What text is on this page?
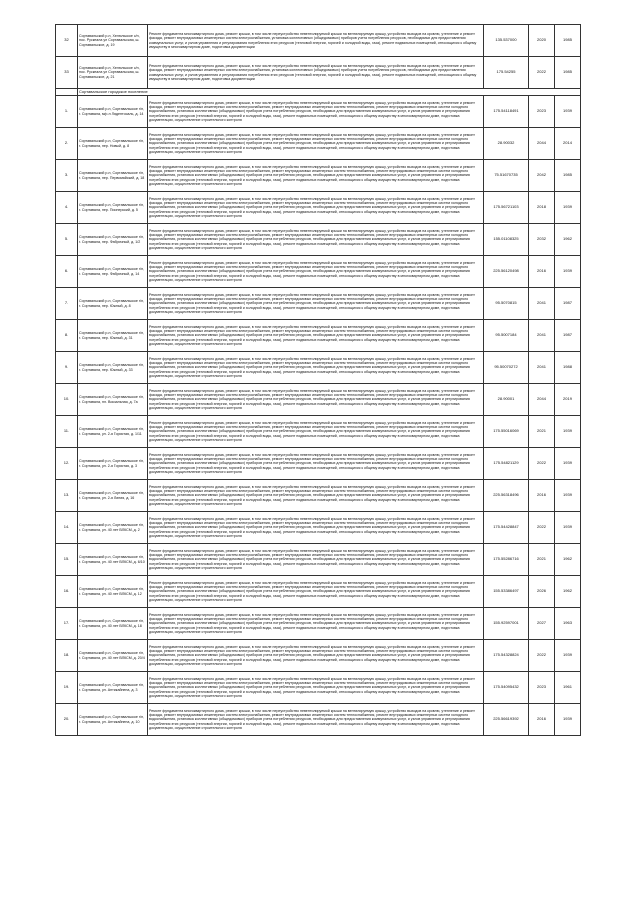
32	Сортавальский р-н, Хелюльское с/п, пос. Рускеала ул Сортавальская, ш. Сортавальское, д. 19	Ремонт фундамента многоквартирного дома, ремонт крыши, в том числе переустройство невентилируемой крыши на вентилируемую крышу, устройство выходов на кровлю, утепление и ремонт фасада, ремонт внутридомовых инженерных систем электроснабжения, установка коллективных (общедомовых) приборов учета потребления ресурсов, необходимых для предоставления коммунальных услуг, и узлов управления и регулирования потребления этих ресурсов (тепловой энергии, горячей и холодной воды, газа), ремонт подвальных помещений, относящихся к общему имуществу в многоквартирном доме, подготовка документации	135.537000	2020	1985
33	Сортавальский р-н, Хелюльское с/п, пос. Рускеала ул Сортавальская, ш. Сортавальское, д. 21	Ремонт фундамента многоквартирного дома, ремонт крыши, в том числе переустройство невентилируемой крыши на вентилируемую крышу, устройство выходов на кровлю, утепление и ремонт фасада, ремонт внутридомовых инженерных систем электроснабжения, установка коллективных (общедомовых) приборов учета потребления ресурсов, необходимых для предоставления коммунальных услуг, и узлов управления и регулирования потребления этих ресурсов (тепловой энергии, горячей и холодной воды, газа), ремонт подвальных помещений, относящихся к общему имуществу в многоквартирном доме, подготовка документации	175.54255	2022	1985
	Сортавальское городское поселение				
1.	Сортавальский р-н, Сортавальское г/п, г. Сортавала, м/р-н Лядентосаль, д. 14	Ремонт фундамента многоквартирного дома, ремонт крыши, в том числе переустройство невентилируемой крыши на вентилируемую крышу, устройство выходов на кровлю, утепление и ремонт фасада, ремонт внутридомовых инженерных систем электроснабжения, ремонт внутридомовых инженерных систем теплоснабжения, ремонт внутридомовых инженерных систем холодного водоснабжения, установка коллективных (общедомовых) приборов учета потребления ресурсов, необходимых для предоставления коммунальных услуг, и узлов управления и регулирования потребления этих ресурсов (тепловой энергии, горячей и холодной воды, газа), ремонт подвальных помещений, относящихся к общему имуществу в многоквартирном доме, подготовка документации, осуществление строительного контроля	175.54118491	2023	1939
2.	Сортавальский р-н, Сортавальское г/п, г. Сортавала, пер. Новый, д. 8	Ремонт фундамента многоквартирного дома, ремонт крыши, в том числе переустройство невентилируемой крыши на вентилируемую крышу, устройство выходов на кровлю, утепление и ремонт фасада, ремонт внутридомовых инженерных систем электроснабжения, ремонт внутридомовых инженерных систем теплоснабжения, ремонт внутридомовых инженерных систем холодного водоснабжения, установка коллективных (общедомовых) приборов учета потребления ресурсов, необходимых для предоставления коммунальных услуг, и узлов управления и регулирования потребления этих ресурсов (тепловой энергии, горячей и холодной воды, газа), ремонт подвальных помещений, относящихся к общему имуществу в многоквартирном доме, подготовка документации, осуществление строительного контроля	28.90032	2044	2014
3.	Сортавальский р-н, Сортавальское г/п, г. Сортавала, пер. Первомайский, д. 18	Ремонт фундамента многоквартирного дома, ремонт крыши, в том числе переустройство невентилируемой крыши на вентилируемую крышу, устройство выходов на кровлю, утепление и ремонт фасада, ремонт внутридомовых инженерных систем электроснабжения, ремонт внутридомовых инженерных систем теплоснабжения, ремонт внутридомовых инженерных систем холодного водоснабжения, установка коллективных (общедомовых) приборов учета потребления ресурсов, необходимых для предоставления коммунальных услуг, и узлов управления и регулирования потребления этих ресурсов (тепловой энергии, горячей и холодной воды, газа), ремонт подвальных помещений, относящихся к общему имуществу в многоквартирном доме, подготовка документации, осуществление строительного контроля	75.51670735	2042	1985
4.	Сортавальский р-н, Сортавальское г/п, г. Сортавала, пер. Пионерский, д. 5	Ремонт фундамента многоквартирного дома, ремонт крыши, в том числе переустройство невентилируемой крыши на вентилируемую крышу, устройство выходов на кровлю, утепление и ремонт фасада, ремонт внутридомовых инженерных систем электроснабжения, ремонт внутридомовых инженерных систем теплоснабжения, ремонт внутридомовых инженерных систем холодного водоснабжения, установка коллективных (общедомовых) приборов учета потребления ресурсов, необходимых для предоставления коммунальных услуг, и узлов управления и регулирования потребления этих ресурсов (тепловой энергии, горячей и холодной воды, газа), ремонт подвальных помещений, относящихся к общему имуществу в многоквартирном доме, подготовка документации, осуществление строительного контроля	175.56721103	2018	1939
5.	Сортавальский р-н, Сортавальское г/п, г. Сортавала, пер. Фабричный, д. 1/2	Ремонт фундамента многоквартирного дома, ремонт крыши, в том числе переустройство невентилируемой крыши на вентилируемую крышу, устройство выходов на кровлю, утепление и ремонт фасада, ремонт внутридомовых инженерных систем электроснабжения, ремонт внутридомовых инженерных систем теплоснабжения, ремонт внутридомовых инженерных систем холодного водоснабжения, установка коллективных (общедомовых) приборов учета потребления ресурсов, необходимых для предоставления коммунальных услуг, и узлов управления и регулирования потребления этих ресурсов (тепловой энергии, горячей и холодной воды, газа), ремонт подвальных помещений, относящихся к общему имуществу в многоквартирном доме, подготовка документации, осуществление строительного контроля	155.01108325	2032	1962
6.	Сортавальский р-н, Сортавальское г/п, г. Сортавала, пер. Фабричный, д. 14	Ремонт фундамента многоквартирного дома, ремонт крыши, в том числе переустройство невентилируемой крыши на вентилируемую крышу, устройство выходов на кровлю, утепление и ремонт фасада, ремонт внутридомовых инженерных систем электроснабжения, ремонт внутридомовых инженерных систем теплоснабжения, ремонт внутридомовых инженерных систем холодного водоснабжения, установка коллективных (общедомовых) приборов учета потребления ресурсов, необходимых для предоставления коммунальных услуг, и узлов управления и регулирования потребления этих ресурсов (тепловой энергии, горячей и холодной воды, газа), ремонт подвальных помещений, относящихся к общему имуществу в многоквартирном доме, подготовка документации, осуществление строительного контроля	225.56120498	2016	1939
7.	Сортавальский р-н, Сортавальское г/п, г. Сортавала, пер. Южный, д. 8	Ремонт фундамента многоквартирного дома, ремонт крыши, в том числе переустройство невентилируемой крыши на вентилируемую крышу, устройство выходов на кровлю, утепление и ремонт фасада, ремонт внутридомовых инженерных систем электроснабжения, ремонт внутридомовых инженерных систем теплоснабжения, ремонт внутридомовых инженерных систем холодного водоснабжения, установка коллективных (общедомовых) приборов учета потребления ресурсов, необходимых для предоставления коммунальных услуг, и узлов управления и регулирования потребления этих ресурсов (тепловой энергии, горячей и холодной воды, газа), ремонт подвальных помещений, относящихся к общему имуществу в многоквартирном доме, подготовка документации, осуществление строительного контроля	95.5070815	2041	1987
8.	Сортавальский р-н, Сортавальское г/п, г. Сортавала, пер. Южный, д. 31	Ремонт фундамента многоквартирного дома, ремонт крыши, в том числе переустройство невентилируемой крыши на вентилируемую крышу, устройство выходов на кровлю, утепление и ремонт фасада, ремонт внутридомовых инженерных систем электроснабжения, ремонт внутридомовых инженерных систем теплоснабжения, ремонт внутридомовых инженерных систем холодного водоснабжения, установка коллективных (общедомовых) приборов учета потребления ресурсов, необходимых для предоставления коммунальных услуг, и узлов управления и регулирования потребления этих ресурсов (тепловой энергии, горячей и холодной воды, газа), ремонт подвальных помещений, относящихся к общему имуществу в многоквартирном доме, подготовка документации, осуществление строительного контроля	95.5007184	2041	1987
9.	Сортавальский р-н, Сортавальское г/п, г. Сортавала, пер. Южный, д. 33	Ремонт фундамента многоквартирного дома, ремонт крыши, в том числе переустройство невентилируемой крыши на вентилируемую крышу, устройство выходов на кровлю, утепление и ремонт фасада, ремонт внутридомовых инженерных систем электроснабжения, ремонт внутридомовых инженерных систем теплоснабжения, ремонт внутридомовых инженерных систем холодного водоснабжения, установка коллективных (общедомовых) приборов учета потребления ресурсов, необходимых для предоставления коммунальных услуг, и узлов управления и регулирования потребления этих ресурсов (тепловой энергии, горячей и холодной воды, газа), ремонт подвальных помещений, относящихся к общему имуществу в многоквартирном доме, подготовка документации, осуществление строительного контроля	95.50070272	2041	1988
10.	Сортавальский р-н, Сортавальское г/п, г. Сортавала, пл. Вокзальная, д. 7а	Ремонт фундамента многоквартирного дома, ремонт крыши, в том числе переустройство невентилируемой крыши на вентилируемую крышу, устройство выходов на кровлю, утепление и ремонт фасада, ремонт внутридомовых инженерных систем электроснабжения, ремонт внутридомовых инженерных систем теплоснабжения, ремонт внутридомовых инженерных систем холодного водоснабжения, установка коллективных (общедомовых) приборов учета потребления ресурсов, необходимых для предоставления коммунальных услуг, и узлов управления и регулирования потребления этих ресурсов (тепловой энергии, горячей и холодной воды, газа), ремонт подвальных помещений, относящихся к общему имуществу в многоквартирном доме, подготовка документации, осуществление строительного контроля	28.90001	2044	2019
11.	Сортавальский р-н, Сортавальское г/п, г. Сортавала, ул. 2-я Гористая, д. 1/11	Ремонт фундамента многоквартирного дома, ремонт крыши, в том числе переустройство невентилируемой крыши на вентилируемую крышу, устройство выходов на кровлю, утепление и ремонт фасада, ремонт внутридомовых инженерных систем электроснабжения, ремонт внутридомовых инженерных систем теплоснабжения, ремонт внутридомовых инженерных систем холодного водоснабжения, установка коллективных (общедомовых) приборов учета потребления ресурсов, необходимых для предоставления коммунальных услуг, и узлов управления и регулирования потребления этих ресурсов (тепловой энергии, горячей и холодной воды, газа), ремонт подвальных помещений, относящихся к общему имуществу в многоквартирном доме, подготовка документации, осуществление строительного контроля	175.55016069	2021	1939
12.	Сортавальский р-н, Сортавальское г/п, г. Сортавала, ул. 2-я Гористая, д. 3	Ремонт фундамента многоквартирного дома, ремонт крыши, в том числе переустройство невентилируемой крыши на вентилируемую крышу, устройство выходов на кровлю, утепление и ремонт фасада, ремонт внутридомовых инженерных систем электроснабжения, ремонт внутридомовых инженерных систем теплоснабжения, ремонт внутридомовых инженерных систем холодного водоснабжения, установка коллективных (общедомовых) приборов учета потребления ресурсов, необходимых для предоставления коммунальных услуг, и узлов управления и регулирования потребления этих ресурсов (тепловой энергии, горячей и холодной воды, газа), ремонт подвальных помещений, относящихся к общему имуществу в многоквартирном доме, подготовка документации, осуществление строительного контроля	175.54821129	2022	1939
13.	Сортавальский р-н, Сортавальское г/п, г. Сортавала, ул. 2-я Линия, д. 16	Ремонт фундамента многоквартирного дома, ремонт крыши, в том числе переустройство невентилируемой крыши на вентилируемую крышу, устройство выходов на кровлю, утепление и ремонт фасада, ремонт внутридомовых инженерных систем электроснабжения, ремонт внутридомовых инженерных систем теплоснабжения, ремонт внутридомовых инженерных систем холодного водоснабжения, установка коллективных (общедомовых) приборов учета потребления ресурсов, необходимых для предоставления коммунальных услуг, и узлов управления и регулирования потребления этих ресурсов (тепловой энергии, горячей и холодной воды, газа), ремонт подвальных помещений, относящихся к общему имуществу в многоквартирном доме, подготовка документации, осуществление строительного контроля	225.56318496	2016	1939
14.	Сортавальский р-н, Сортавальское г/п, г. Сортавала, ул. 40 лет ВЛКСМ, д. 2	Ремонт фундамента многоквартирного дома, ремонт крыши, в том числе переустройство невентилируемой крыши на вентилируемую крышу, устройство выходов на кровлю, утепление и ремонт фасада, ремонт внутридомовых инженерных систем электроснабжения, ремонт внутридомовых инженерных систем теплоснабжения, ремонт внутридомовых инженерных систем холодного водоснабжения, установка коллективных (общедомовых) приборов учета потребления ресурсов, необходимых для предоставления коммунальных услуг, и узлов управления и регулирования потребления этих ресурсов (тепловой энергии, горячей и холодной воды, газа), ремонт подвальных помещений, относящихся к общему имуществу в многоквартирном доме, подготовка документации, осуществление строительного контроля	175.54428847	2022	1939
15.	Сортавальский р-н, Сортавальское г/п, г. Сортавала, ул. 40 лет ВЛКСМ, д. 6/10	Ремонт фундамента многоквартирного дома, ремонт крыши, в том числе переустройство невентилируемой крыши на вентилируемую крышу, устройство выходов на кровлю, утепление и ремонт фасада, ремонт внутридомовых инженерных систем электроснабжения, ремонт внутридомовых инженерных систем теплоснабжения, ремонт внутридомовых инженерных систем холодного водоснабжения, установка коллективных (общедомовых) приборов учета потребления ресурсов, необходимых для предоставления коммунальных услуг, и узлов управления и регулирования потребления этих ресурсов (тепловой энергии, горячей и холодной воды, газа), ремонт подвальных помещений, относящихся к общему имуществу в многоквартирном доме, подготовка документации, осуществление строительного контроля	175.55286716	2021	1962
16.	Сортавальский р-н, Сортавальское г/п, г. Сортавала, ул. 40 лет ВЛКСМ, д. 12	Ремонт фундамента многоквартирного дома, ремонт крыши, в том числе переустройство невентилируемой крыши на вентилируемую крышу, устройство выходов на кровлю, утепление и ремонт фасада, ремонт внутридомовых инженерных систем электроснабжения, ремонт внутридомовых инженерных систем теплоснабжения, ремонт внутридомовых инженерных систем холодного водоснабжения, установка коллективных (общедомовых) приборов учета потребления ресурсов, необходимых для предоставления коммунальных услуг, и узлов управления и регулирования потребления этих ресурсов (тепловой энергии, горячей и холодной воды, газа), ремонт подвальных помещений, относящихся к общему имуществу в многоквартирном доме, подготовка документации, осуществление строительного контроля	155.53386497	2026	1962
17.	Сортавальский р-н, Сортавальское г/п, г. Сортавала, ул. 40 лет ВЛКСМ, д. 18	Ремонт фундамента многоквартирного дома, ремонт крыши, в том числе переустройство невентилируемой крыши на вентилируемую крышу, устройство выходов на кровлю, утепление и ремонт фасада, ремонт внутридомовых инженерных систем электроснабжения, ремонт внутридомовых инженерных систем теплоснабжения, ремонт внутридомовых инженерных систем холодного водоснабжения, установка коллективных (общедомовых) приборов учета потребления ресурсов, необходимых для предоставления коммунальных услуг, и узлов управления и регулирования потребления этих ресурсов (тепловой энергии, горячей и холодной воды, газа), ремонт подвальных помещений, относящихся к общему имуществу в многоквартирном доме, подготовка документации, осуществление строительного контроля	155.92597001	2027	1963
18.	Сортавальский р-н, Сортавальское г/п, г. Сортавала, ул. 40 лет ВЛКСМ, д. 20/4	Ремонт фундамента многоквартирного дома, ремонт крыши, в том числе переустройство невентилируемой крыши на вентилируемую крышу, устройство выходов на кровлю, утепление и ремонт фасада, ремонт внутридомовых инженерных систем электроснабжения, ремонт внутридомовых инженерных систем теплоснабжения, ремонт внутридомовых инженерных систем холодного водоснабжения, установка коллективных (общедомовых) приборов учета потребления ресурсов, необходимых для предоставления коммунальных услуг, и узлов управления и регулирования потребления этих ресурсов (тепловой энергии, горячей и холодной воды, газа), ремонт подвальных помещений, относящихся к общему имуществу в многоквартирном доме, подготовка документации, осуществление строительного контроля	175.54328824	2022	1939
19.	Сортавальский р-н, Сортавальское г/п, г. Сортавала, ул. Антикайнена, д. 3	Ремонт фундамента многоквартирного дома, ремонт крыши, в том числе переустройство невентилируемой крыши на вентилируемую крышу, устройство выходов на кровлю, утепление и ремонт фасада, ремонт внутридомовых инженерных систем электроснабжения, ремонт внутридомовых инженерных систем теплоснабжения, ремонт внутридомовых инженерных систем холодного водоснабжения, установка коллективных (общедомовых) приборов учета потребления ресурсов, необходимых для предоставления коммунальных услуг, и узлов управления и регулирования потребления этих ресурсов (тепловой энергии, горячей и холодной воды, газа), ремонт подвальных помещений, относящихся к общему имуществу в многоквартирном доме, подготовка документации, осуществление строительного контроля	175.54095432	2023	1961
20.	Сортавальский р-н, Сортавальское г/п, г. Сортавала, ул. Антикайнена, д. 10	Ремонт фундамента многоквартирного дома, ремонт крыши, в том числе переустройство невентилируемой крыши на вентилируемую крышу, устройство выходов на кровлю, утепление и ремонт фасада, ремонт внутридомовых инженерных систем электроснабжения, ремонт внутридомовых инженерных систем теплоснабжения, ремонт внутридомовых инженерных систем холодного водоснабжения, установка коллективных (общедомовых) приборов учета потребления ресурсов, необходимых для предоставления коммунальных услуг, и узлов управления и регулирования потребления этих ресурсов (тепловой энергии, горячей и холодной воды, газа), ремонт подвальных помещений, относящихся к общему имуществу в многоквартирном доме, подготовка документации, осуществление строительного контроля	225.56619392	2016	1939
